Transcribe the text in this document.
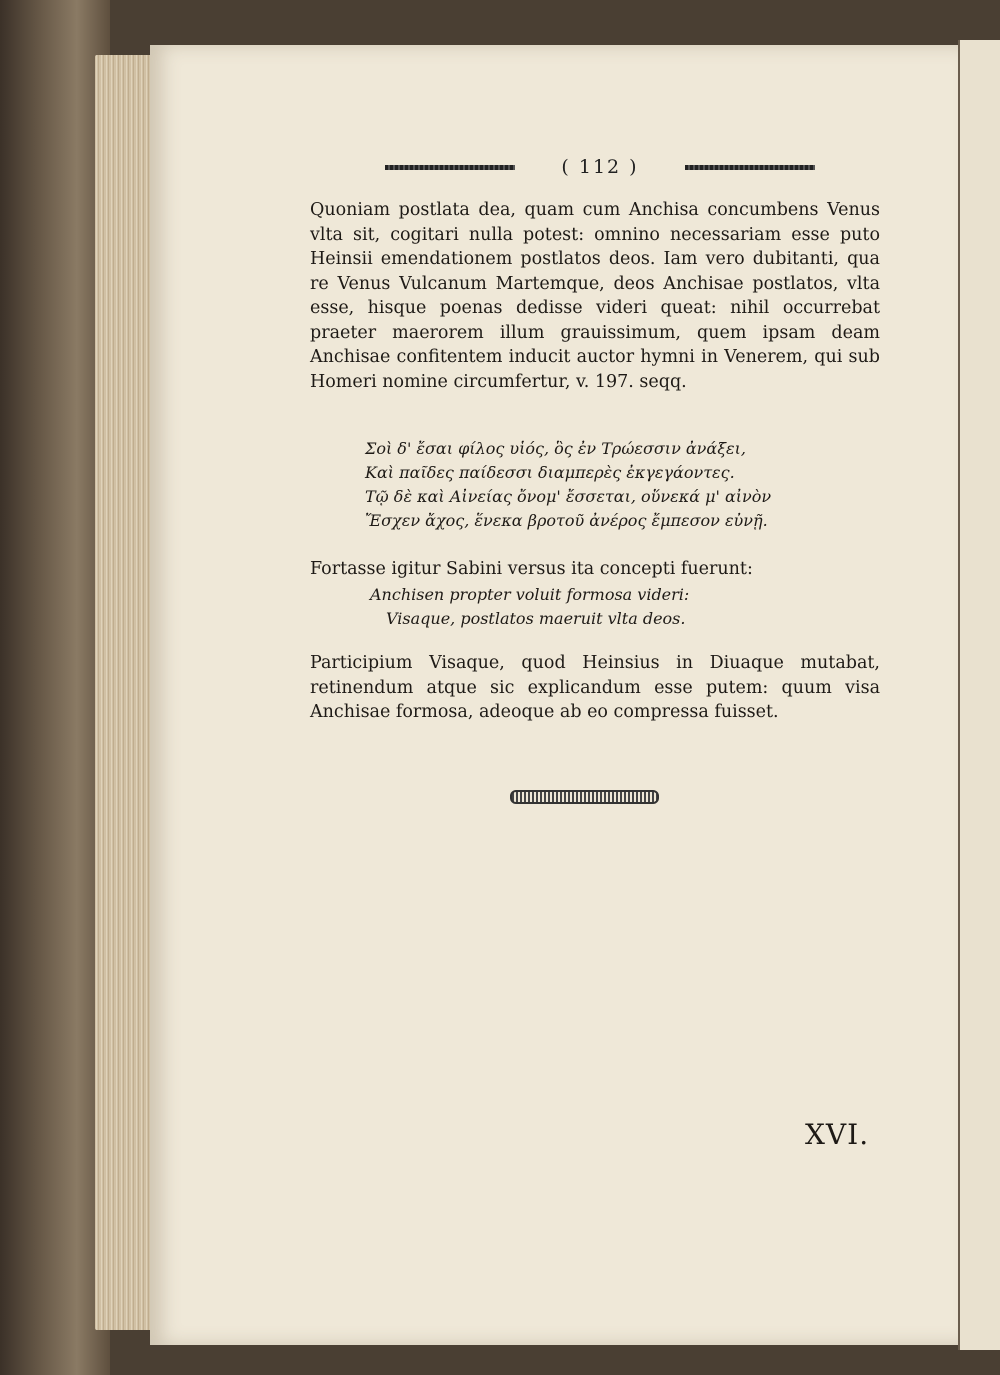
( 112 )
Quoniam postlata dea, quam cum Anchisa concumbens Venus vlta sit, cogitari nulla potest: omnino necessariam esse puto Heinsii emendationem postlatos deos. Iam vero dubitanti, qua re Venus Vulcanum Martemque, deos Anchisae postlatos, vlta esse, hisque poenas dedisse videri queat: nihil occurrebat praeter maerorem illum grauissimum, quem ipsam deam Anchisae confitentem inducit auctor hymni in Venerem, qui sub Homeri nomine circumfertur, v. 197. seqq.
Σοὶ δ' ἔσαι φίλος υἱός, ὃς ἐν Τρώεσσιν ἀνάξει,
Καὶ παῖδες παίδεσσι διαμπερὲς ἐκγεγάοντες.
Τῷ δὲ καὶ Αἰνείας ὄνομ' ἔσσεται, οὕνεκά μ' αἰνὸν
Ἔσχεν ἄχος, ἕνεκα βροτοῦ ἀνέρος ἔμπεσον εὐνῇ.
Fortasse igitur Sabini versus ita concepti fuerunt:
Anchisen propter voluit formosa videri:
Visaque, postlatos maeruit vlta deos.
Participium Visaque, quod Heinsius in Diuaque mutabat, retinendum atque sic explicandum esse putem: quum visa Anchisae formosa, adeoque ab eo compressa fuisset.
XVI.
